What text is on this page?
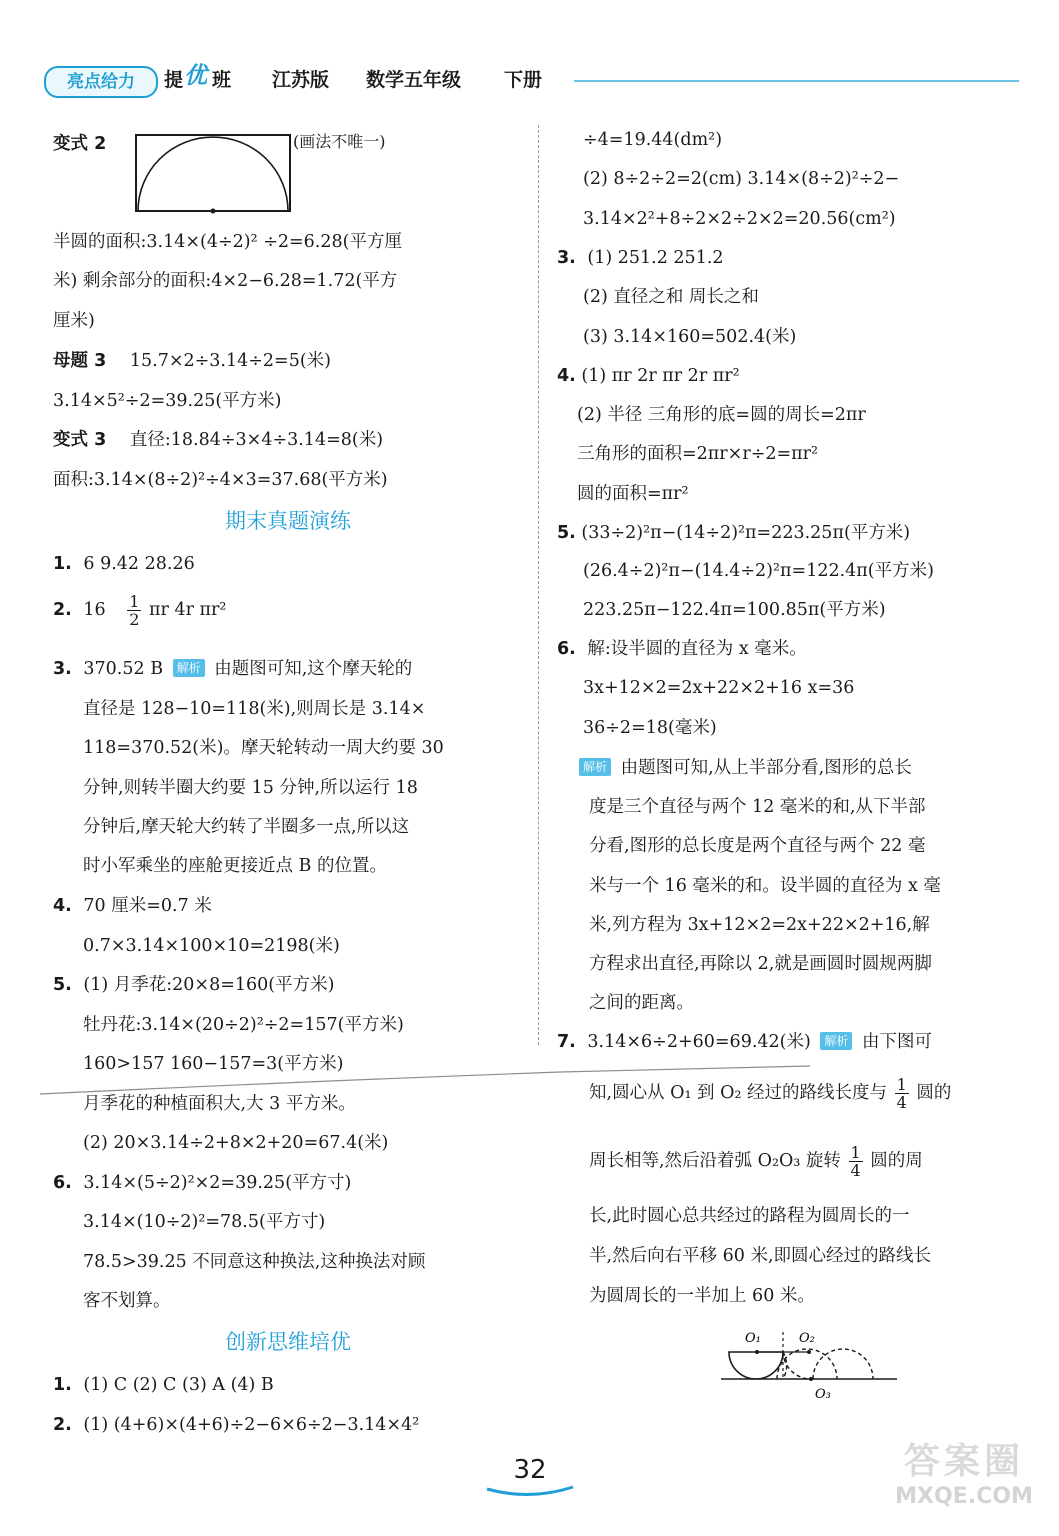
亮点给力	提 优 班 江苏版 数学五年级 下册
变式 2	(画法不唯一)
半圆的面积:3.14×(4÷2)² ÷2=6.28(平方厘
米) 剩余部分的面积:4×2−6.28=1.72(平方
厘米)
母题 3 15.7×2÷3.14÷2=5(米)
3.14×5²÷2=39.25(平方米)
变式 3 直径:18.84÷3×4÷3.14=8(米)
面积:3.14×(8÷2)²÷4×3=37.68(平方米)
期末真题演练
1. 6 9.42 28.26
2. $16 \frac{1}{2}$ πr 4r πr²
3. 370.52 B 解析 由题图可知,这个摩天轮的
直径是 128−10=118(米),则周长是 3.14×
118=370.52(米)。摩天轮转动一周大约要 30
分钟,则转半圈大约要 15 分钟,所以运行 18
分钟后,摩天轮大约转了半圈多一点,所以这
时小军乘坐的座舱更接近点 B 的位置。
4. 70 厘米=0.7 米
0.7×3.14×100×10=2198(米)
5. (1) 月季花:20×8=160(平方米)
牡丹花:3.14×(20÷2)²÷2=157(平方米)
160>157 160−157=3(平方米)
月季花的种植面积大,大 3 平方米。
(2) 20×3.14÷2+8×2+20=67.4(米)
6. 3.14×(5÷2)²×2=39.25(平方寸)
3.14×(10÷2)²=78.5(平方寸)
78.5>39.25 不同意这种换法,这种换法对顾
客不划算。
创新思维培优
1. (1) C (2) C (3) A (4) B
2. (1) (4+6)×(4+6)÷2−6×6÷2−3.14×4²
÷4=19.44(dm²)
(2) 8÷2÷2=2(cm) 3.14×(8÷2)²÷2−
3.14×2²+8÷2×2÷2×2=20.56(cm²)
3. (1) 251.2 251.2
(2) 直径之和 周长之和
(3) 3.14×160=502.4(米)
4. (1) πr 2r πr 2r πr²
(2) 半径 三角形的底=圆的周长=2πr
三角形的面积=2πr×r÷2=πr²
圆的面积=πr²
5. (33÷2)²π−(14÷2)²π=223.25π(平方米)
(26.4÷2)²π−(14.4÷2)²π=122.4π(平方米)
223.25π−122.4π=100.85π(平方米)
6. 解:设半圆的直径为 x 毫米。
3x+12×2=2x+22×2+16 x=36
36÷2=18(毫米)
解析 由题图可知,从上半部分看,图形的总长
度是三个直径与两个 12 毫米的和,从下半部
分看,图形的总长度是两个直径与两个 22 毫
米与一个 16 毫米的和。设半圆的直径为 x 毫
米,列方程为 3x+12×2=2x+22×2+16,解
方程求出直径,再除以 2,就是画圆时圆规两脚
之间的距离。
7. 3.14×6÷2+60=69.42(米) 解析 由下图可
知,圆心从 O₁ 到 O₂ 经过的路线长度与 $\frac{1}{4}$ 圆的
周长相等,然后沿着弧 O₂O₃ 旋转 $\frac{1}{4}$ 圆的周
长,此时圆心总共经过的路程为圆周长的一
半,然后向右平移 60 米,即圆心经过的路线长
为圆周长的一半加上 60 米。
O₁	O₂
O₃
32	答案圈
MXQE.COM
